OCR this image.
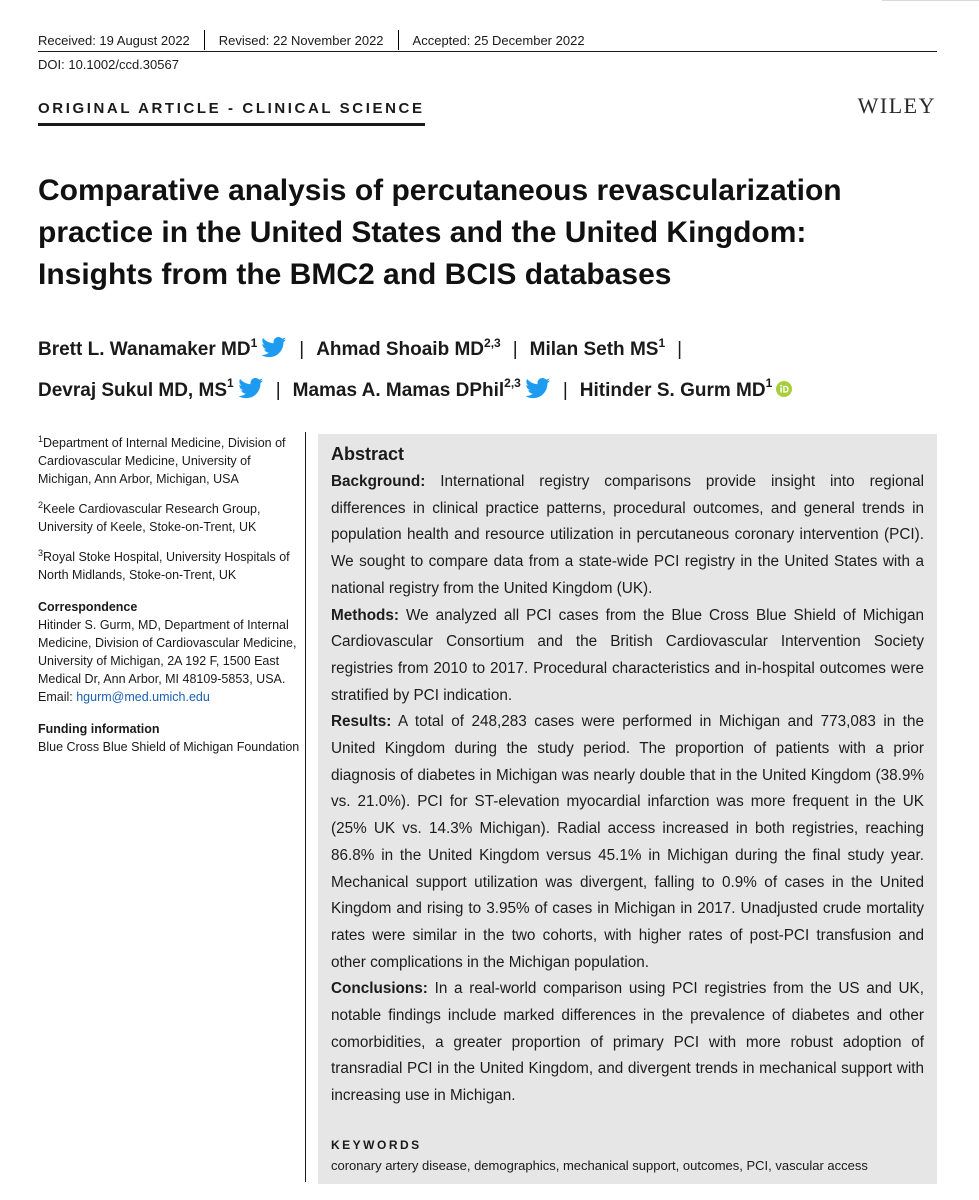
Received: 19 August 2022 Revised: 22 November 2022 Accepted: 25 December 2022
DOI: 10.1002/ccd.30567
ORIGINAL ARTICLE - CLINICAL SCIENCE	WILEY
Comparative analysis of percutaneous revascularization practice in the United States and the United Kingdom: Insights from the BMC2 and BCIS databases
Brett L. Wanamaker $MD^1$ | Ahmad Shoaib MD$^{2,3}$ | Milan Seth $MS^1$ |
Devraj Sukul MD, $MS^1$ | Mamas A. Mamas DPhil$^{2,3}$ | Hitinder S. Gurm $MD^1$
$^1$Department of Internal Medicine, Division of Cardiovascular Medicine, University of Michigan, Ann Arbor, Michigan, USA
$^2$Keele Cardiovascular Research Group, University of Keele, Stoke-on-Trent, UK
$^3$Royal Stoke Hospital, University Hospitals of North Midlands, Stoke-on-Trent, UK
Correspondence
Hitinder S. Gurm, MD, Department of Internal Medicine, Division of Cardiovascular Medicine, University of Michigan, 2A 192 F, 1500 East Medical Dr, Ann Arbor, MI 48109-5853, USA.
Email: hgurm@med.umich.edu
Funding information
Blue Cross Blue Shield of Michigan Foundation
Abstract

Background: International registry comparisons provide insight into regional differences in clinical practice patterns, procedural outcomes, and general trends in population health and resource utilization in percutaneous coronary intervention (PCI). We sought to compare data from a state-wide PCI registry in the United States with a national registry from the United Kingdom (UK).

Methods: We analyzed all PCI cases from the Blue Cross Blue Shield of Michigan Cardiovascular Consortium and the British Cardiovascular Intervention Society registries from 2010 to 2017. Procedural characteristics and in-hospital outcomes were stratified by PCI indication.

Results: A total of 248,283 cases were performed in Michigan and 773,083 in the United Kingdom during the study period. The proportion of patients with a prior diagnosis of diabetes in Michigan was nearly double that in the United Kingdom (38.9% vs. 21.0%). PCI for ST-elevation myocardial infarction was more frequent in the UK (25% UK vs. 14.3% Michigan). Radial access increased in both registries, reaching 86.8% in the United Kingdom versus 45.1% in Michigan during the final study year. Mechanical support utilization was divergent, falling to 0.9% of cases in the United Kingdom and rising to 3.95% of cases in Michigan in 2017. Unadjusted crude mortality rates were similar in the two cohorts, with higher rates of post-PCI transfusion and other complications in the Michigan population.

Conclusions: In a real-world comparison using PCI registries from the US and UK, notable findings include marked differences in the prevalence of diabetes and other comorbidities, a greater proportion of primary PCI with more robust adoption of transradial PCI in the United Kingdom, and divergent trends in mechanical support with increasing use in Michigan.

KEYWORDS
coronary artery disease, demographics, mechanical support, outcomes, PCI, vascular access
